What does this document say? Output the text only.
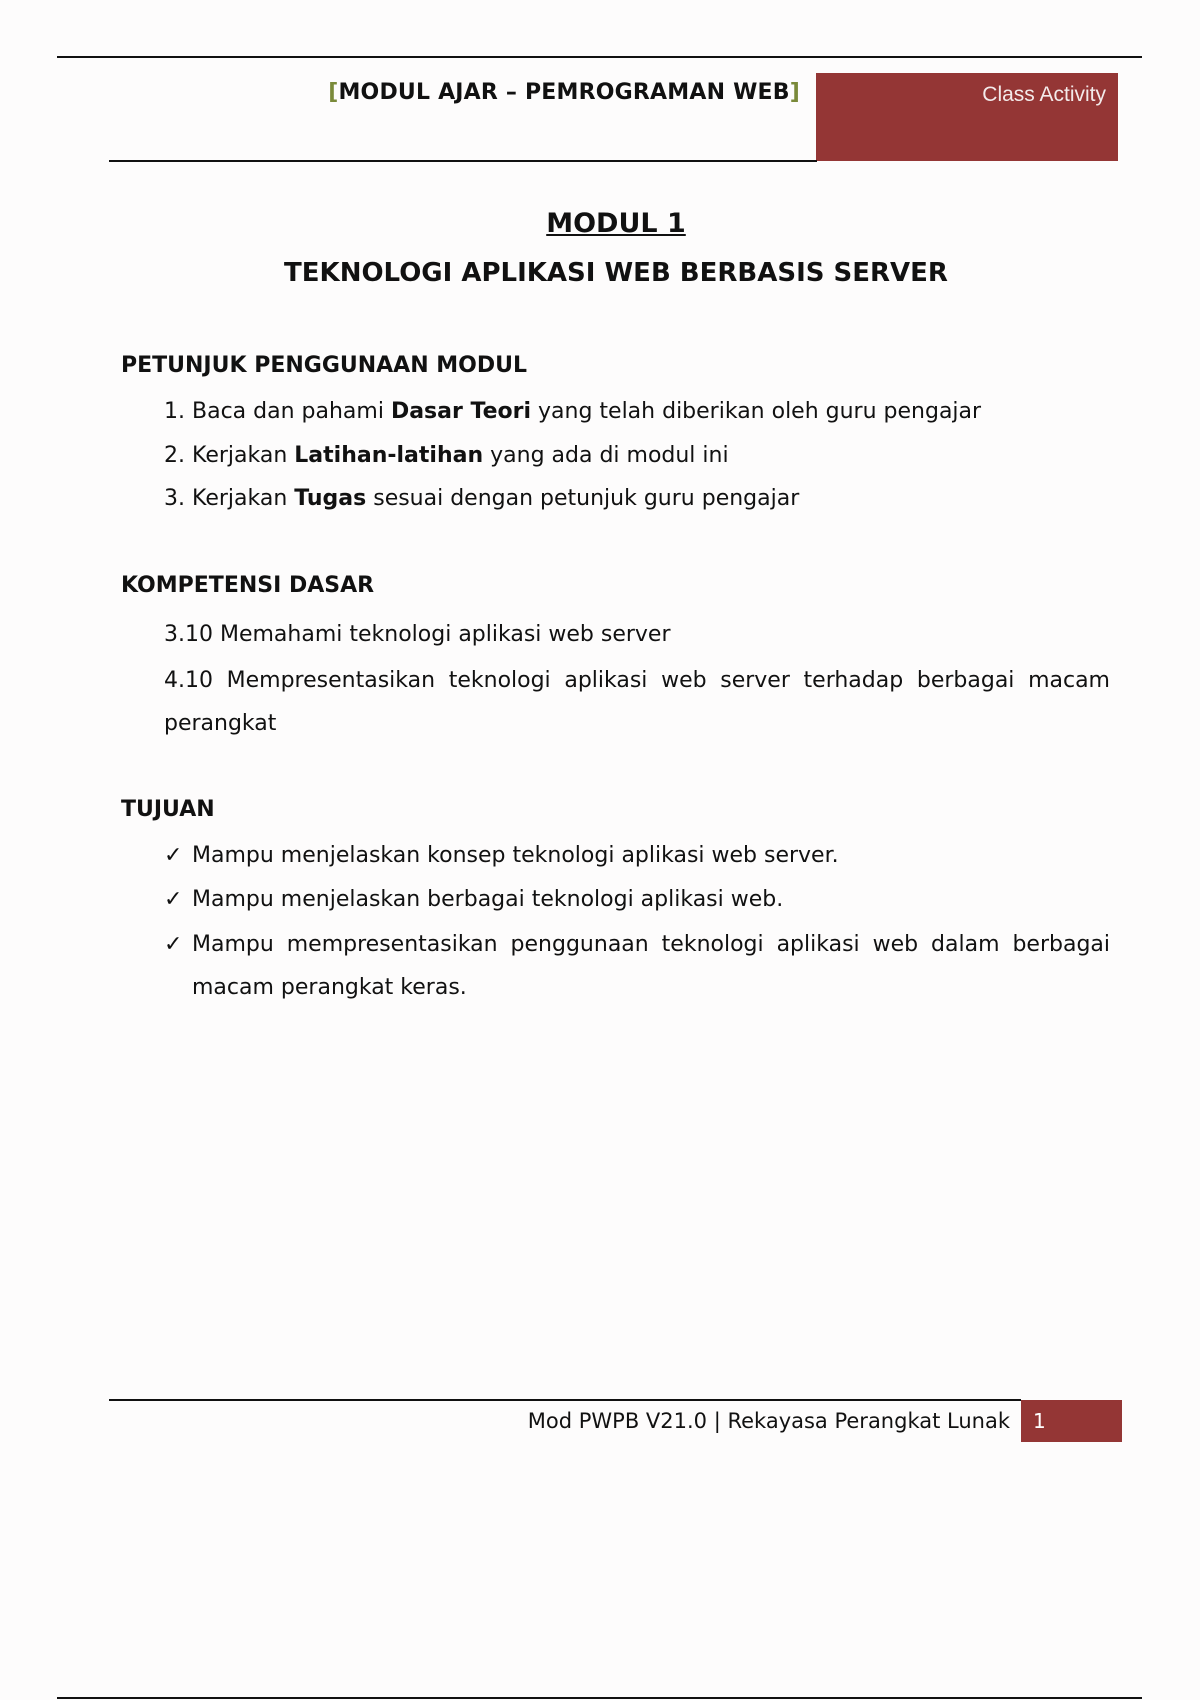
[MODUL AJAR – PEMROGRAMAN WEB]	Class Activity
MODUL 1
TEKNOLOGI APLIKASI WEB BERBASIS SERVER
PETUNJUK PENGGUNAAN MODUL
1. Baca dan pahami Dasar Teori yang telah diberikan oleh guru pengajar
2. Kerjakan Latihan-latihan yang ada di modul ini
3. Kerjakan Tugas sesuai dengan petunjuk guru pengajar
KOMPETENSI DASAR
3.10 Memahami teknologi aplikasi web server
4.10 Mempresentasikan teknologi aplikasi web server terhadap berbagai macam
perangkat
TUJUAN
✓ Mampu menjelaskan konsep teknologi aplikasi web server.
✓ Mampu menjelaskan berbagai teknologi aplikasi web.
✓ Mampu mempresentasikan penggunaan teknologi aplikasi web dalam berbagai
macam perangkat keras.
Mod PWPB V21.0 | Rekayasa Perangkat Lunak 1
